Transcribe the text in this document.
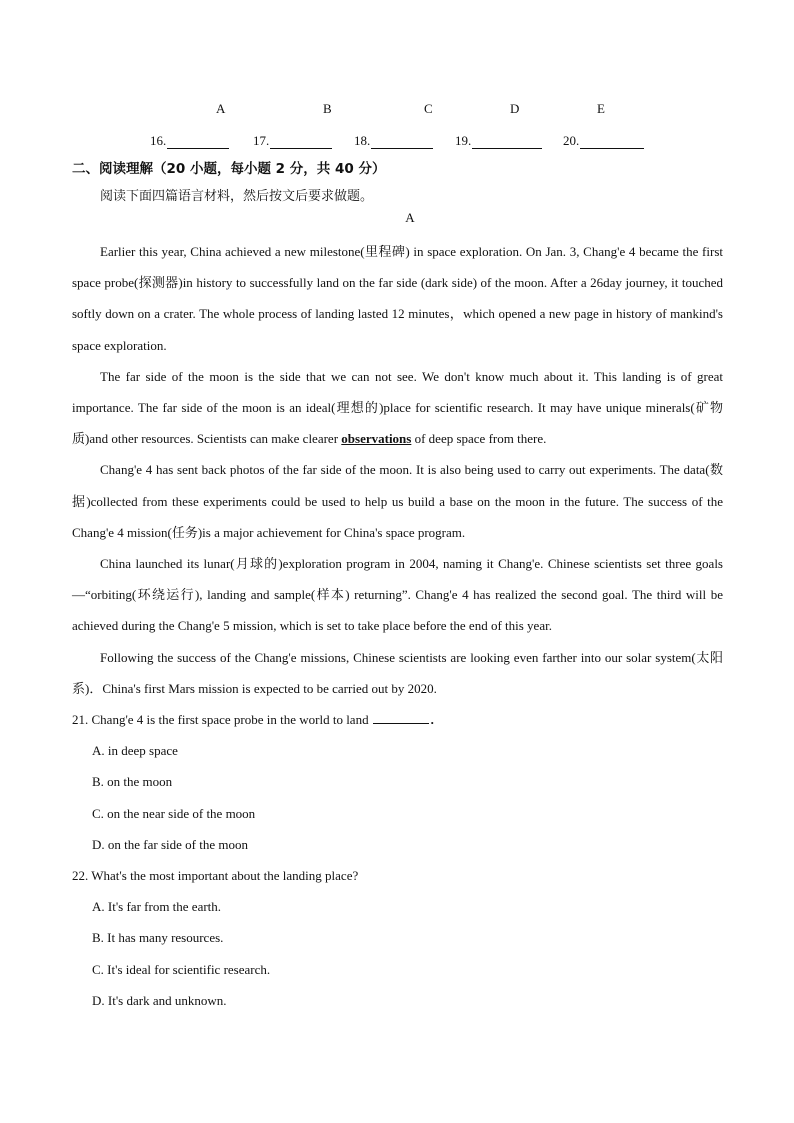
A	B	C	D	E
16.	17.	18.	19.	20.
二、阅读理解（20 小题，每小题 2 分，共 40 分）
阅读下面四篇语言材料，然后按文后要求做题。
A

Earlier this year, China achieved a new milestone(里程碑) in space exploration. On Jan. 3, Chang'e 4 became the first space probe(探测器)in history to successfully land on the far side (dark side) of the moon. After a 26day journey, it touched softly down on a crater. The whole process of landing lasted 12 minutes，which opened a new page in history of mankind's space exploration.

The far side of the moon is the side that we can not see. We don't know much about it. This landing is of great importance. The far side of the moon is an ideal(理想的)place for scientific research. It may have unique minerals(矿物质)and other resources. Scientists can make clearer observations of deep space from there.

Chang'e 4 has sent back photos of the far side of the moon. It is also being used to carry out experiments. The data(数据)collected from these experiments could be used to help us build a base on the moon in the future. The success of the Chang'e 4 mission(任务)is a major achievement for China's space program.

China launched its lunar(月球的)exploration program in 2004, naming it Chang'e. Chinese scientists set three goals—“orbiting(环绕运行), landing and sample(样本) returning”. Chang'e 4 has realized the second goal. The third will be achieved during the Chang'e 5 mission, which is set to take place before the end of this year.

Following the success of the Chang'e missions, Chinese scientists are looking even farther into our solar system(太阳系)．China's first Mars mission is expected to be carried out by 2020.

21. Chang'e 4 is the first space probe in the world to land	.

A. in deep space

B. on the moon

C. on the near side of the moon

D. on the far side of the moon

22. What's the most important about the landing place?

A. It's far from the earth.

B. It has many resources.

C. It's ideal for scientific research.

D. It's dark and unknown.
